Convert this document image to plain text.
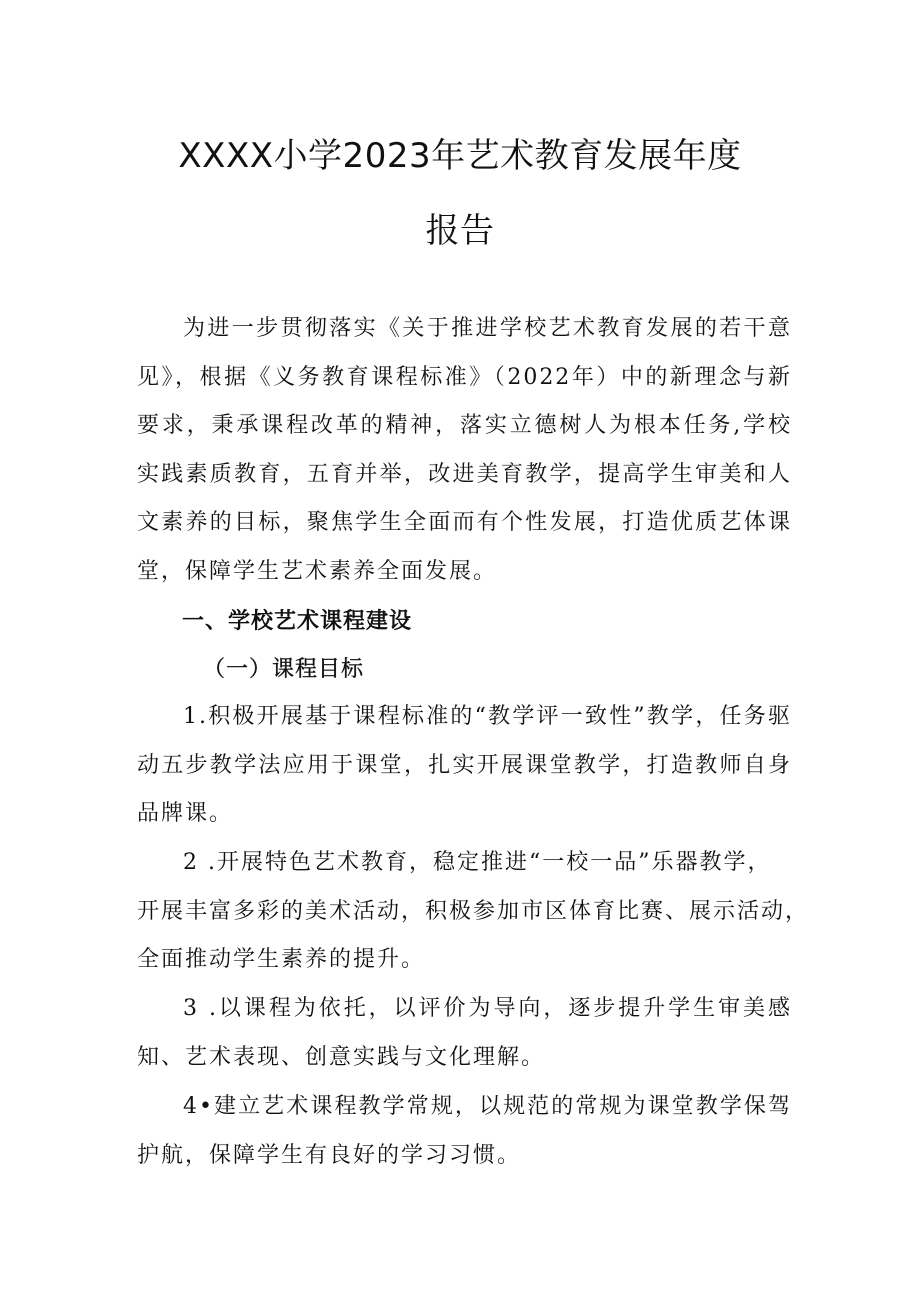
XXXX小学2023年艺术教育发展年度
报告

为进一步贯彻落实《关于推进学校艺术教育发展的若干意见》，根据《义务教育课程标准》（2022年）中的新理念与新要求，秉承课程改革的精神，落实立德树人为根本任务,学校实践素质教育，五育并举，改进美育教学，提高学生审美和人文素养的目标，聚焦学生全面而有个性发展，打造优质艺体课堂，保障学生艺术素养全面发展。

一、学校艺术课程建设
（一）课程目标

1.积极开展基于课程标准的“教学评一致性”教学，任务驱动五步教学法应用于课堂，扎实开展课堂教学，打造教师自身品牌课。

2 .开展特色艺术教育，稳定推进“一校一品”乐器教学，

开展丰富多彩的美术活动，积极参加市区体育比赛、展示活动，

全面推动学生素养的提升。

3 .以课程为依托，以评价为导向，逐步提升学生审美感知、艺术表现、创意实践与文化理解。

4•建立艺术课程教学常规，以规范的常规为课堂教学保驾护航，保障学生有良好的学习习惯。
